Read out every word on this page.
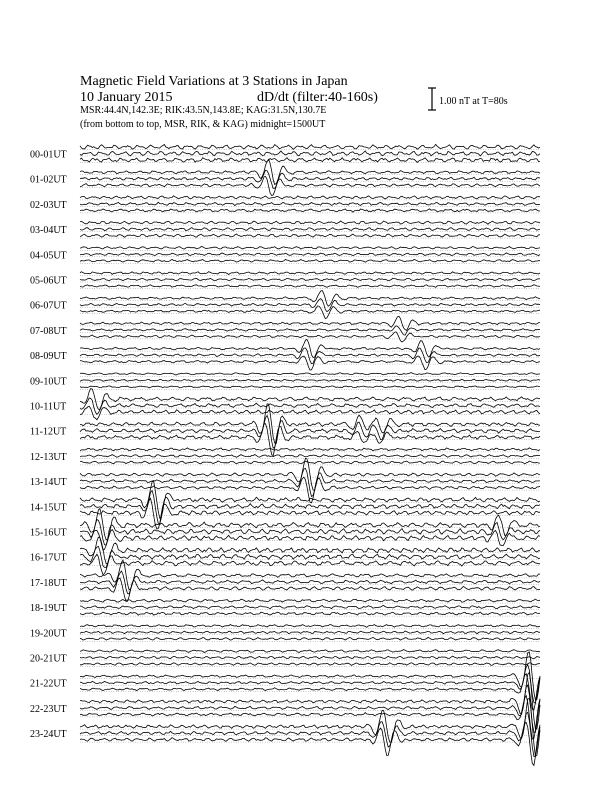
Magnetic Field Variations at 3 Stations in Japan
10 January 2015	dD/dt (filter:40-160s)
MSR:44.4N,142.3E; RIK:43.5N,143.8E; KAG:31.5N,130.7E
(from bottom to top, MSR, RIK, & KAG) midnight=1500UT
1.00 nT at T=80s
00-01UT
01-02UT
02-03UT
03-04UT
04-05UT
05-06UT
06-07UT
07-08UT
08-09UT
09-10UT
10-11UT
11-12UT
12-13UT
13-14UT
14-15UT
15-16UT
16-17UT
17-18UT
18-19UT
19-20UT
20-21UT
21-22UT
22-23UT
23-24UT
